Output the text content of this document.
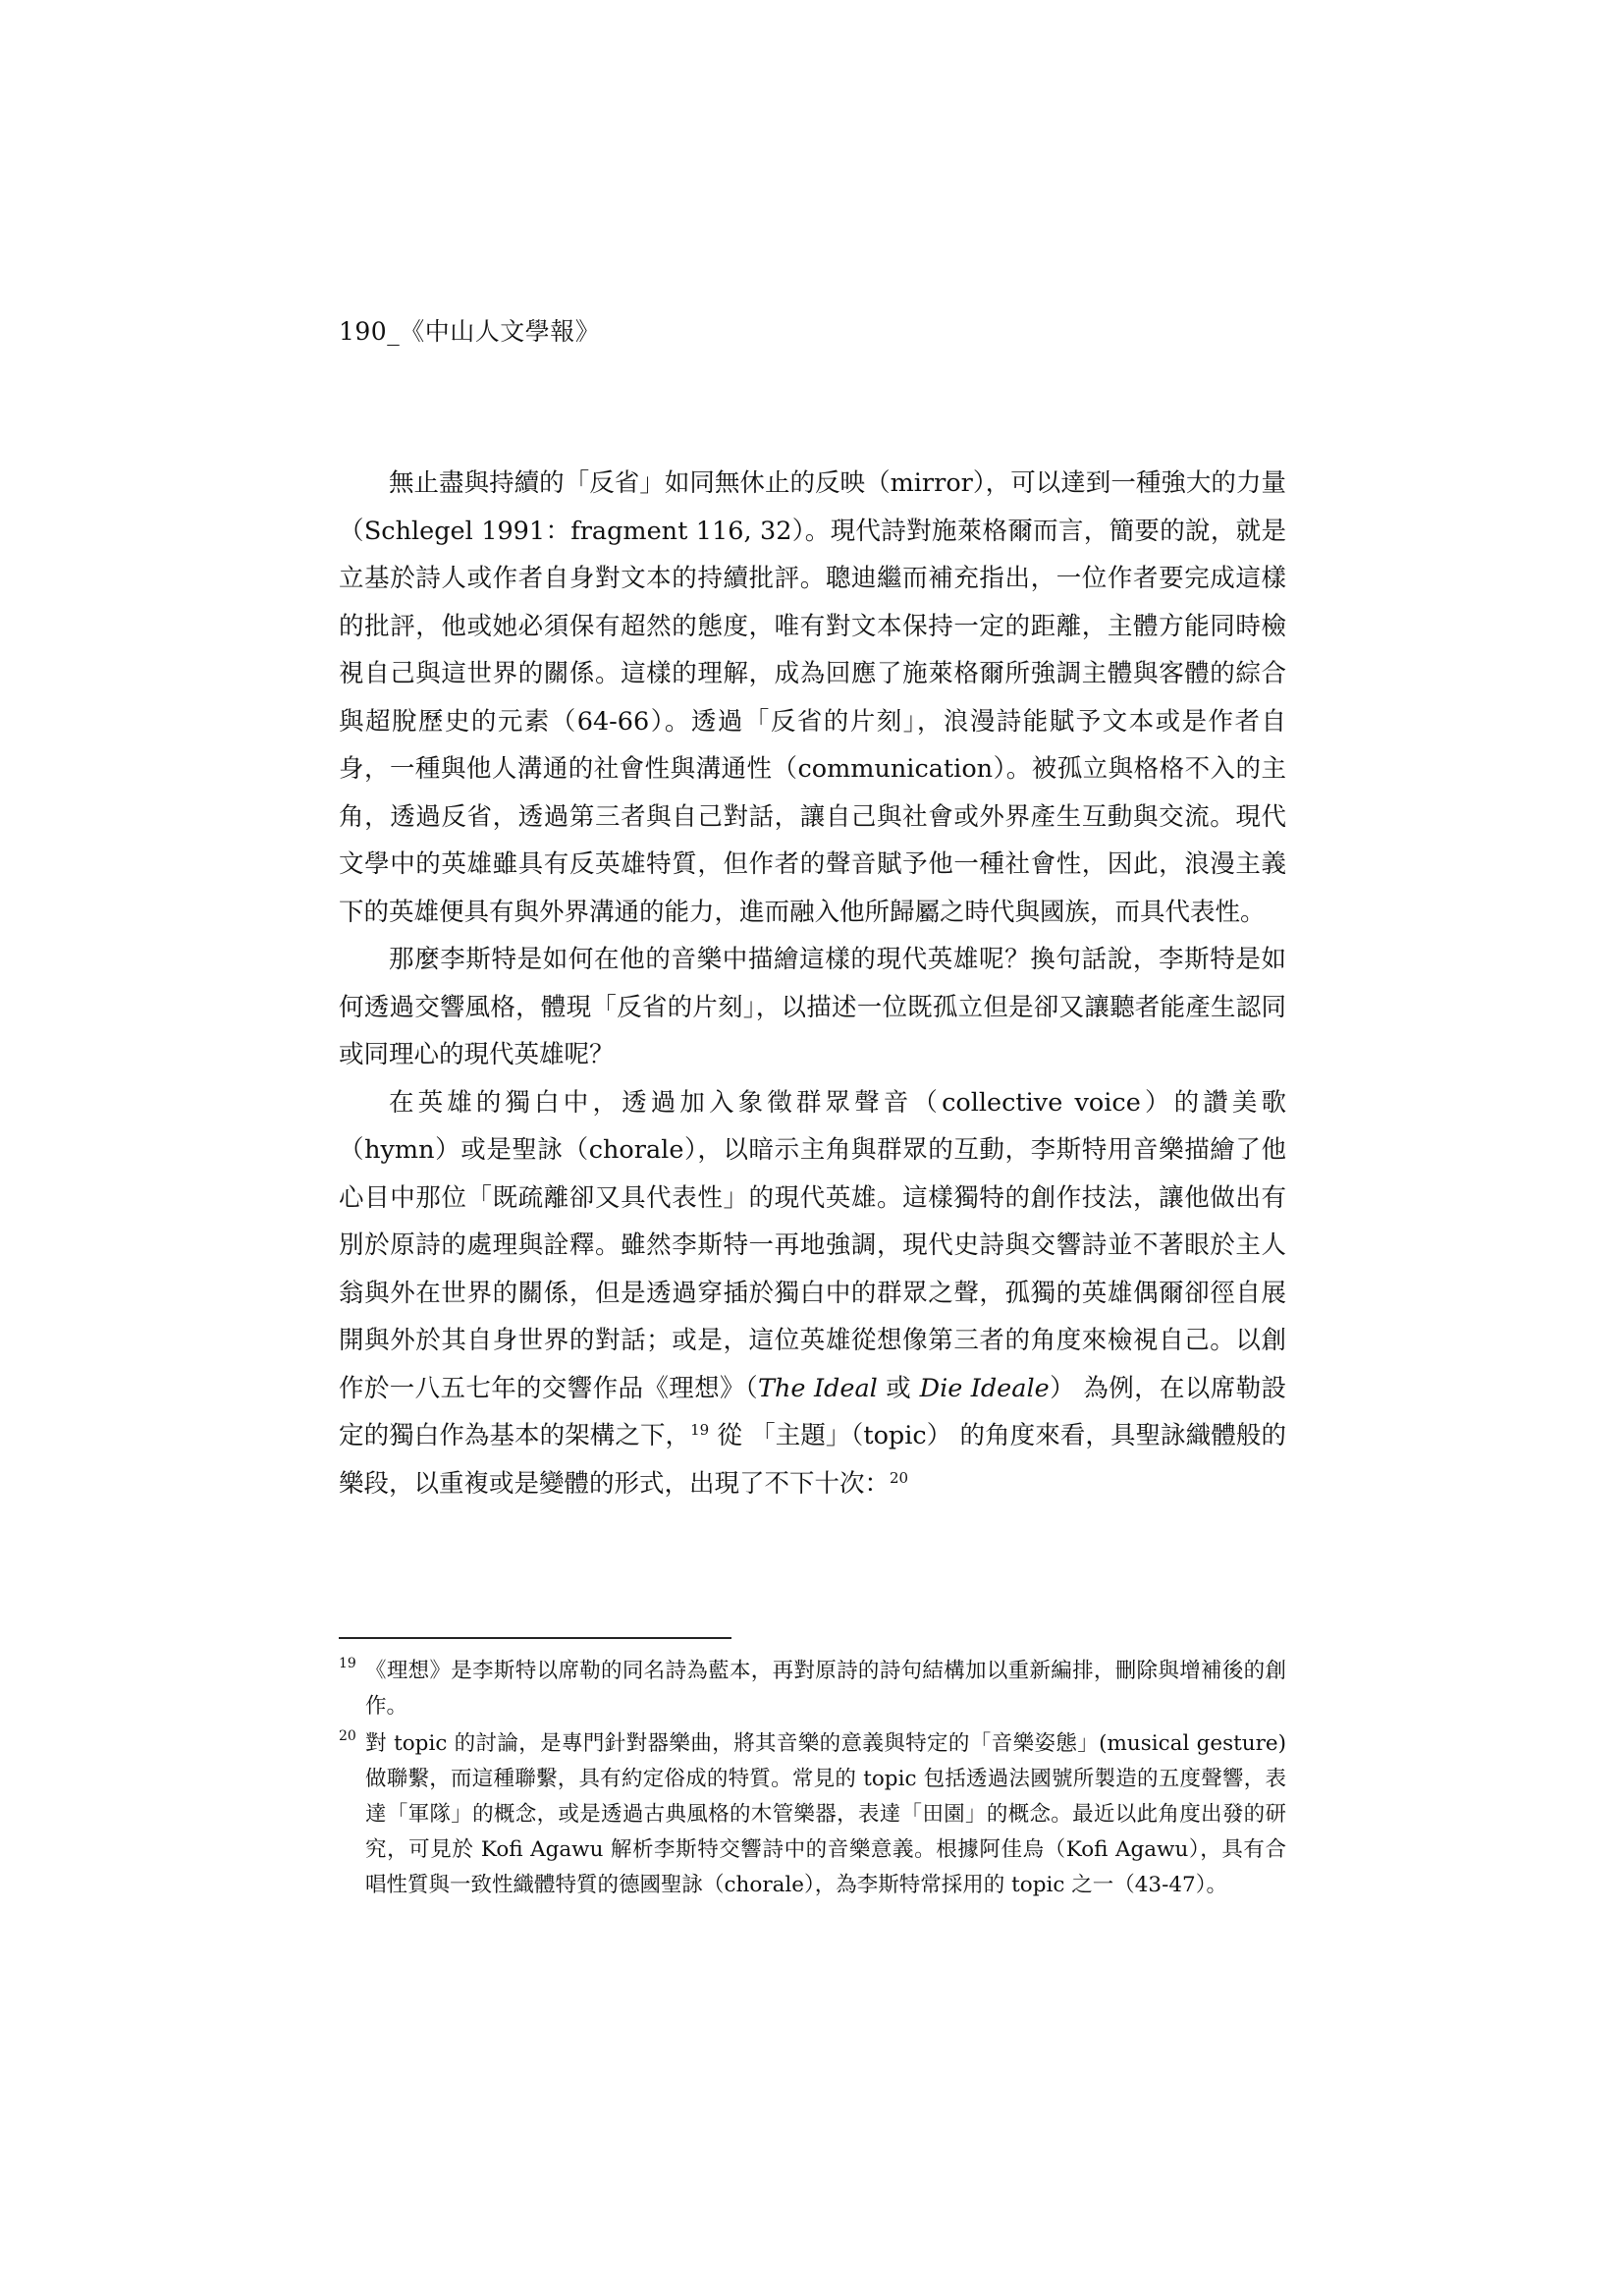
190_《中山人文學報》

無止盡與持續的「反省」如同無休止的反映（mirror），可以達到一種強大的力量（Schlegel 1991：fragment 116, 32）。現代詩對施萊格爾而言，簡要的說，就是立基於詩人或作者自身對文本的持續批評。聰迪繼而補充指出，一位作者要完成這樣的批評，他或她必須保有超然的態度，唯有對文本保持一定的距離，主體方能同時檢視自己與這世界的關係。這樣的理解，成為回應了施萊格爾所強調主體與客體的綜合與超脫歷史的元素（64-66）。透過「反省的片刻」，浪漫詩能賦予文本或是作者自身，一種與他人溝通的社會性與溝通性（communication）。被孤立與格格不入的主角，透過反省，透過第三者與自己對話，讓自己與社會或外界產生互動與交流。現代文學中的英雄雖具有反英雄特質，但作者的聲音賦予他一種社會性，因此，浪漫主義下的英雄便具有與外界溝通的能力，進而融入他所歸屬之時代與國族，而具代表性。

那麼李斯特是如何在他的音樂中描繪這樣的現代英雄呢？換句話說，李斯特是如何透過交響風格，體現「反省的片刻」，以描述一位既孤立但是卻又讓聽者能產生認同或同理心的現代英雄呢？

在英雄的獨白中，透過加入象徵群眾聲音（collective voice）的讚美歌（hymn）或是聖詠（chorale），以暗示主角與群眾的互動，李斯特用音樂描繪了他心目中那位「既疏離卻又具代表性」的現代英雄。這樣獨特的創作技法，讓他做出有別於原詩的處理與詮釋。雖然李斯特一再地強調，現代史詩與交響詩並不著眼於主人翁與外在世界的關係，但是透過穿插於獨白中的群眾之聲，孤獨的英雄偶爾卻徑自展開與外於其自身世界的對話；或是，這位英雄從想像第三者的角度來檢視自己。以創作於一八五七年的交響作品《理想》（The Ideal 或 Die Ideale） 為例，在以席勒設定的獨白作為基本的架構之下，$^{19}$ 從 「主題」（topic） 的角度來看，具聖詠織體般的樂段，以重複或是變體的形式，出現了不下十次：$^{20}$

19 《理想》是李斯特以席勒的同名詩為藍本，再對原詩的詩句結構加以重新編排，刪除與增補後的創作。
20 對 topic 的討論，是專門針對器樂曲，將其音樂的意義與特定的「音樂姿態」(musical gesture) 做聯繫，而這種聯繫，具有約定俗成的特質。常見的 topic 包括透過法國號所製造的五度聲響，表達「軍隊」的概念，或是透過古典風格的木管樂器，表達「田園」的概念。最近以此角度出發的研究，可見於 Kofi Agawu 解析李斯特交響詩中的音樂意義。根據阿佳烏（Kofi Agawu），具有合唱性質與一致性織體特質的德國聖詠（chorale），為李斯特常採用的 topic 之一（43-47）。
